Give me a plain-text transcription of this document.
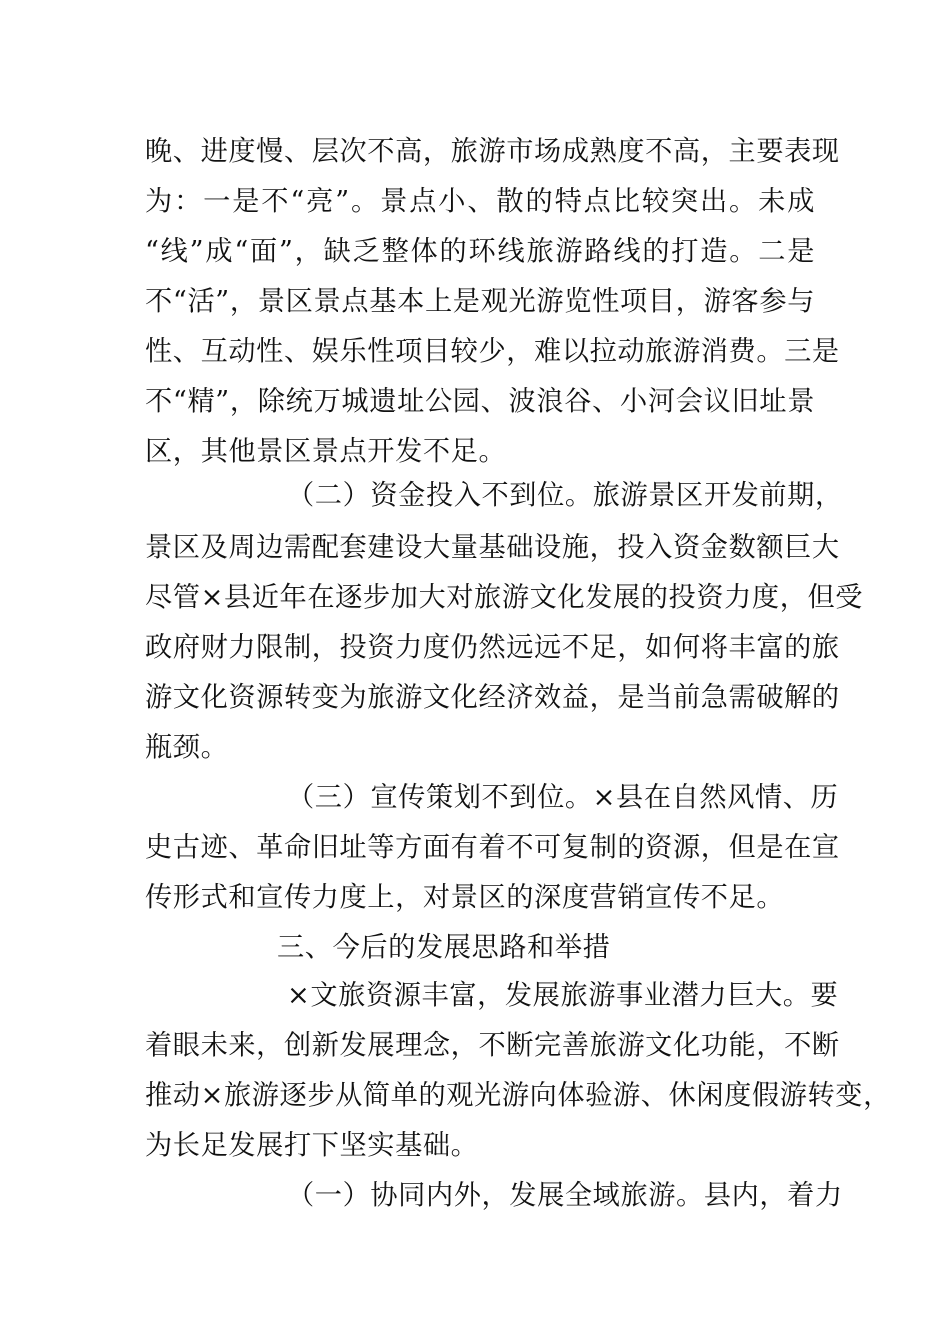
晚、进度慢、层次不高，旅游市场成熟度不高，主要表现
为：一是不“亮”。景点小、散的特点比较突出。未成
“线”成“面”，缺乏整体的环线旅游路线的打造。二是
不“活”，景区景点基本上是观光游览性项目，游客参与
性、互动性、娱乐性项目较少，难以拉动旅游消费。三是
不“精”，除统万城遗址公园、波浪谷、小河会议旧址景
区，其他景区景点开发不足。
（二）资金投入不到位。旅游景区开发前期，
景区及周边需配套建设大量基础设施，投入资金数额巨大
尽管×县近年在逐步加大对旅游文化发展的投资力度，但受
政府财力限制，投资力度仍然远远不足，如何将丰富的旅
游文化资源转变为旅游文化经济效益，是当前急需破解的
瓶颈。
（三）宣传策划不到位。×县在自然风情、历
史古迹、革命旧址等方面有着不可复制的资源，但是在宣
传形式和宣传力度上，对景区的深度营销宣传不足。
三、今后的发展思路和举措
×文旅资源丰富，发展旅游事业潜力巨大。要
着眼未来，创新发展理念，不断完善旅游文化功能，不断
推动×旅游逐步从简单的观光游向体验游、休闲度假游转变，
为长足发展打下坚实基础。
（一）协同内外，发展全域旅游。县内，着力
